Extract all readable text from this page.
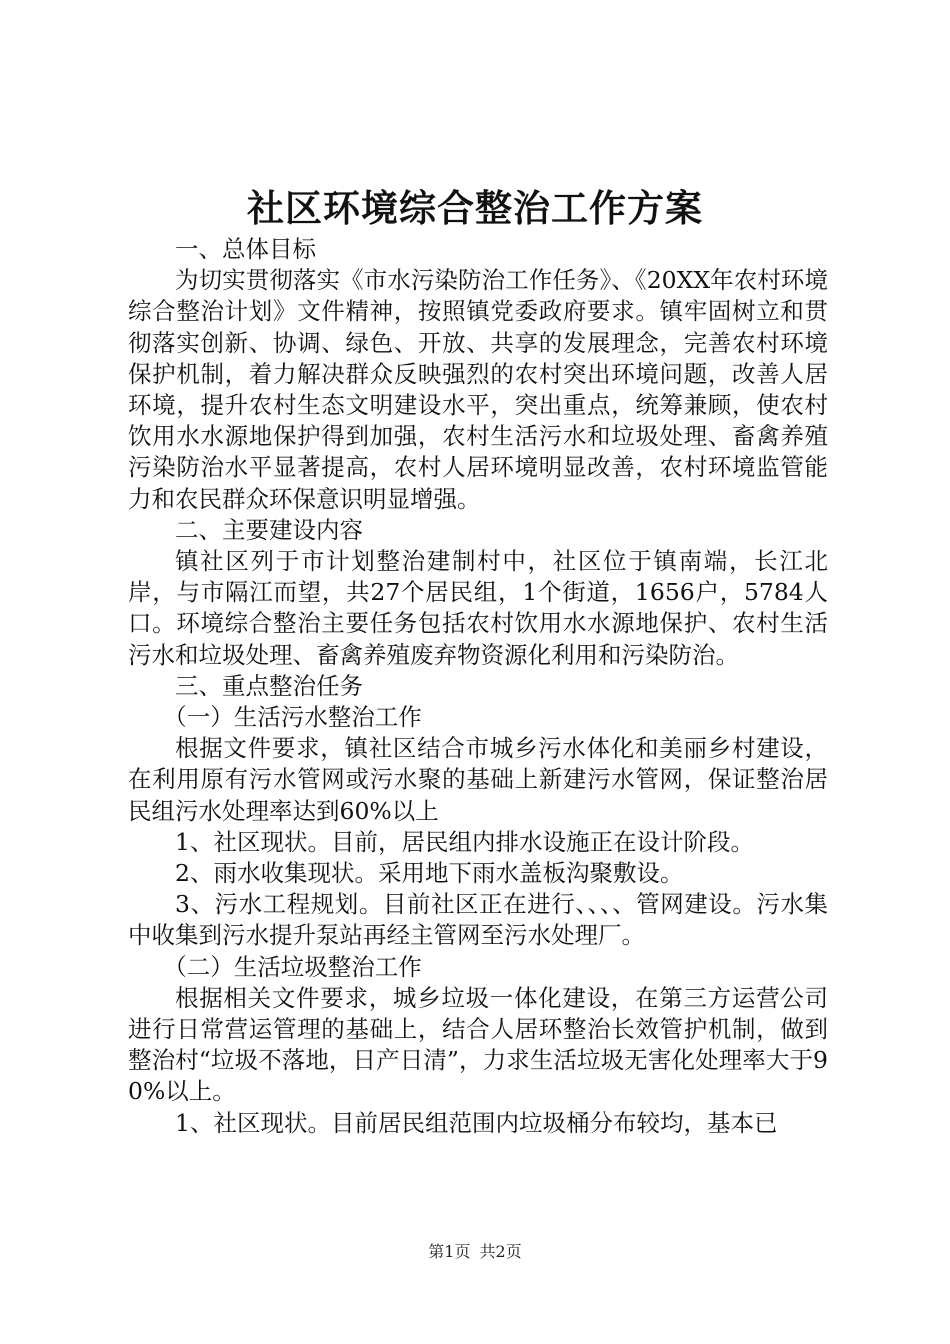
社区环境综合整治工作方案

一、总体目标

为切实贯彻落实《市水污染防治工作任务》、《20XX年农村环境综合整治计划》文件精神，按照镇党委政府要求。镇牢固树立和贯彻落实创新、协调、绿色、开放、共享的发展理念，完善农村环境保护机制，着力解决群众反映强烈的农村突出环境问题，改善人居环境，提升农村生态文明建设水平，突出重点，统筹兼顾，使农村饮用水水源地保护得到加强，农村生活污水和垃圾处理、畜禽养殖污染防治水平显著提高，农村人居环境明显改善，农村环境监管能力和农民群众环保意识明显增强。

二、主要建设内容

镇社区列于市计划整治建制村中，社区位于镇南端，长江北岸，与市隔江而望，共27个居民组，1个街道，1656户，5784人口。环境综合整治主要任务包括农村饮用水水源地保护、农村生活污水和垃圾处理、畜禽养殖废弃物资源化利用和污染防治。

三、重点整治任务

（一）生活污水整治工作

根据文件要求，镇社区结合市城乡污水体化和美丽乡村建设，在利用原有污水管网或污水聚的基础上新建污水管网，保证整治居民组污水处理率达到60%以上

1、社区现状。目前，居民组内排水设施正在设计阶段。

2、雨水收集现状。采用地下雨水盖板沟聚敷设。

3、污水工程规划。目前社区正在进行、、、、管网建设。污水集中收集到污水提升泵站再经主管网至污水处理厂。

（二）生活垃圾整治工作

根据相关文件要求，城乡垃圾一体化建设，在第三方运营公司进行日常营运管理的基础上，结合人居环整治长效管护机制，做到整治村“垃圾不落地，日产日清”，力求生活垃圾无害化处理率大于90%以上。

1、社区现状。目前居民组范围内垃圾桶分布较均，基本已

第1页 共2页
